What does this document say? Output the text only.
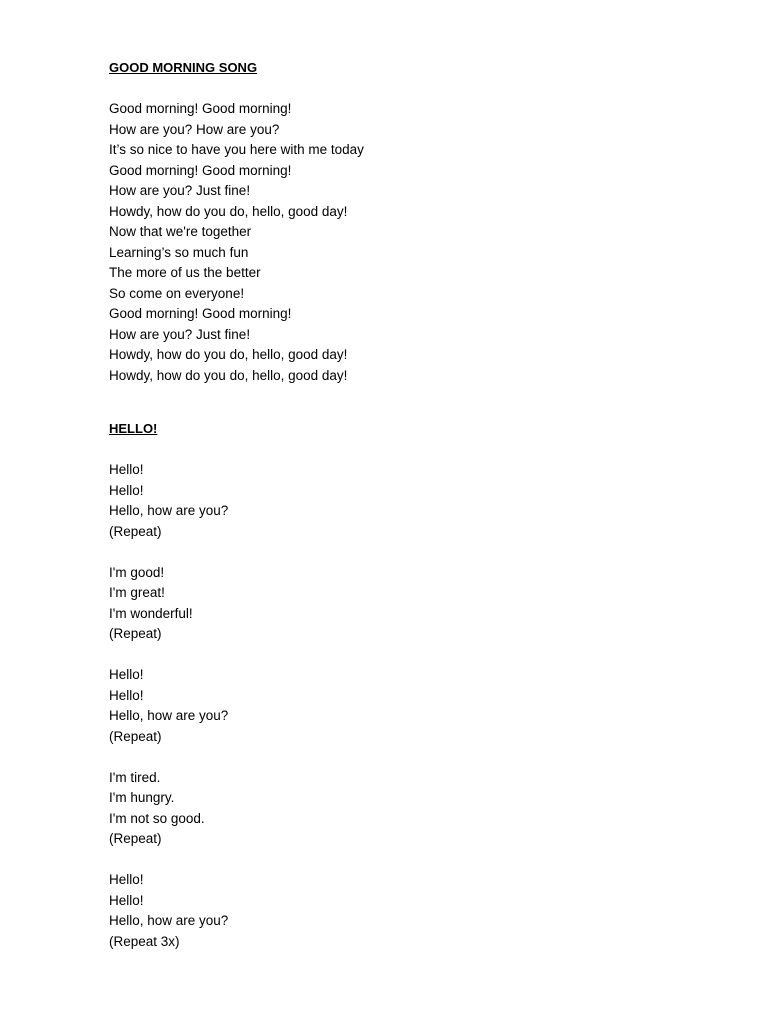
GOOD MORNING SONG
Good morning! Good morning!
How are you? How are you?
It’s so nice to have you here with me today
Good morning! Good morning!
How are you? Just fine!
Howdy, how do you do, hello, good day!
Now that we're together
Learning’s so much fun
The more of us the better
So come on everyone!
Good morning! Good morning!
How are you? Just fine!
Howdy, how do you do, hello, good day!
Howdy, how do you do, hello, good day!
HELLO!
Hello!
Hello!
Hello, how are you?
(Repeat)
I'm good!
I'm great!
I'm wonderful!
(Repeat)
Hello!
Hello!
Hello, how are you?
(Repeat)
I'm tired.
I'm hungry.
I'm not so good.
(Repeat)
Hello!
Hello!
Hello, how are you?
(Repeat 3x)
